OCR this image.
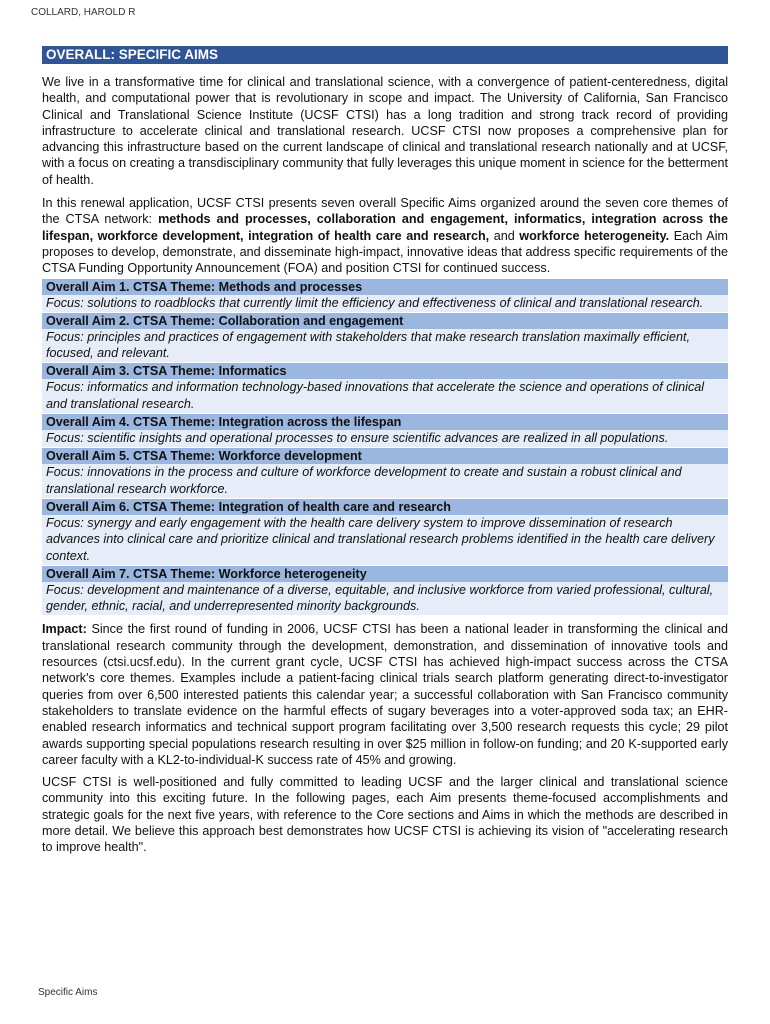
COLLARD, HAROLD R
OVERALL: SPECIFIC AIMS

We live in a transformative time for clinical and translational science, with a convergence of patient-centeredness, digital health, and computational power that is revolutionary in scope and impact. The University of California, San Francisco Clinical and Translational Science Institute (UCSF CTSI) has a long tradition and strong track record of providing infrastructure to accelerate clinical and translational research. UCSF CTSI now proposes a comprehensive plan for advancing this infrastructure based on the current landscape of clinical and translational research nationally and at UCSF, with a focus on creating a transdisciplinary community that fully leverages this unique moment in science for the betterment of health.

In this renewal application, UCSF CTSI presents seven overall Specific Aims organized around the seven core themes of the CTSA network: methods and processes, collaboration and engagement, informatics, integration across the lifespan, workforce development, integration of health care and research, and workforce heterogeneity. Each Aim proposes to develop, demonstrate, and disseminate high-impact, innovative ideas that address specific requirements of the CTSA Funding Opportunity Announcement (FOA) and position CTSI for continued success.

Overall Aim 1. CTSA Theme: Methods and processes
Focus: solutions to roadblocks that currently limit the efficiency and effectiveness of clinical and translational research.
Overall Aim 2. CTSA Theme: Collaboration and engagement
Focus: principles and practices of engagement with stakeholders that make research translation maximally efficient, focused, and relevant.
Overall Aim 3. CTSA Theme: Informatics
Focus: informatics and information technology-based innovations that accelerate the science and operations of clinical and translational research.
Overall Aim 4. CTSA Theme: Integration across the lifespan
Focus: scientific insights and operational processes to ensure scientific advances are realized in all populations.
Overall Aim 5. CTSA Theme: Workforce development
Focus: innovations in the process and culture of workforce development to create and sustain a robust clinical and translational research workforce.
Overall Aim 6. CTSA Theme: Integration of health care and research
Focus: synergy and early engagement with the health care delivery system to improve dissemination of research advances into clinical care and prioritize clinical and translational research problems identified in the health care delivery context.
Overall Aim 7. CTSA Theme: Workforce heterogeneity
Focus: development and maintenance of a diverse, equitable, and inclusive workforce from varied professional, cultural, gender, ethnic, racial, and underrepresented minority backgrounds.

Impact: Since the first round of funding in 2006, UCSF CTSI has been a national leader in transforming the clinical and translational research community through the development, demonstration, and dissemination of innovative tools and resources (ctsi.ucsf.edu). In the current grant cycle, UCSF CTSI has achieved high-impact success across the CTSA network's core themes. Examples include a patient-facing clinical trials search platform generating direct-to-investigator queries from over 6,500 interested patients this calendar year; a successful collaboration with San Francisco community stakeholders to translate evidence on the harmful effects of sugary beverages into a voter-approved soda tax; an EHR-enabled research informatics and technical support program facilitating over 3,500 research requests this cycle; 29 pilot awards supporting special populations research resulting in over $25 million in follow-on funding; and 20 K-supported early career faculty with a KL2-to-individual-K success rate of 45% and growing.

UCSF CTSI is well-positioned and fully committed to leading UCSF and the larger clinical and translational science community into this exciting future. In the following pages, each Aim presents theme-focused accomplishments and strategic goals for the next five years, with reference to the Core sections and Aims in which the methods are described in more detail. We believe this approach best demonstrates how UCSF CTSI is achieving its vision of "accelerating research to improve health".

Specific Aims
